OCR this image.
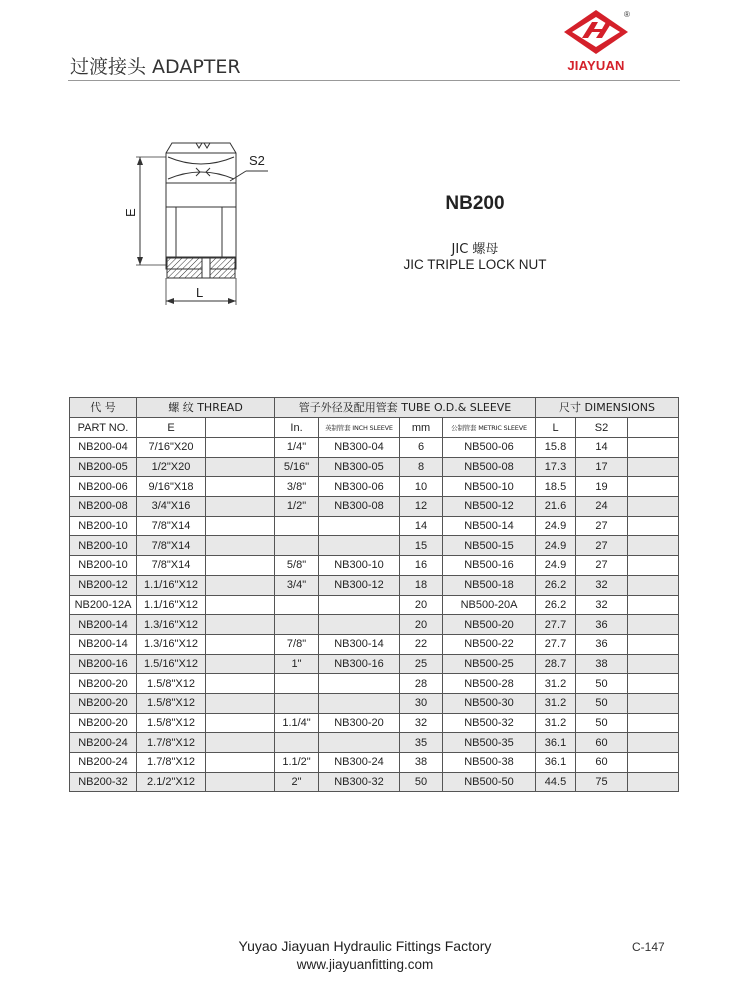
过渡接头 ADAPTER
®
JIAYUAN
S2
E
L
NB200
JIC 螺母
JIC TRIPLE LOCK NUT
代 号	螺 纹 THREAD		管子外径及配用管套 TUBE O.D.& SLEEVE				尺寸 DIMENSIONS		
PART NO.	E		In.	英制管套 INCH SLEEVE	mm	公制管套 METRIC SLEEVE	L	S2	
NB200-04	7/16"X20		1/4"	NB300-04	6	NB500-06	15.8	14	
NB200-05	1/2"X20		5/16"	NB300-05	8	NB500-08	17.3	17	
NB200-06	9/16"X18		3/8"	NB300-06	10	NB500-10	18.5	19	
NB200-08	3/4"X16		1/2"	NB300-08	12	NB500-12	21.6	24	
NB200-10	7/8"X14				14	NB500-14	24.9	27	
NB200-10	7/8"X14				15	NB500-15	24.9	27	
NB200-10	7/8"X14		5/8"	NB300-10	16	NB500-16	24.9	27	
NB200-12	1.1/16"X12		3/4"	NB300-12	18	NB500-18	26.2	32	
NB200-12A	1.1/16"X12				20	NB500-20A	26.2	32	
NB200-14	1.3/16"X12				20	NB500-20	27.7	36	
NB200-14	1.3/16"X12		7/8"	NB300-14	22	NB500-22	27.7	36	
NB200-16	1.5/16"X12		1"	NB300-16	25	NB500-25	28.7	38	
NB200-20	1.5/8"X12				28	NB500-28	31.2	50	
NB200-20	1.5/8"X12				30	NB500-30	31.2	50	
NB200-20	1.5/8"X12		1.1/4"	NB300-20	32	NB500-32	31.2	50	
NB200-24	1.7/8"X12				35	NB500-35	36.1	60	
NB200-24	1.7/8"X12		1.1/2"	NB300-24	38	NB500-38	36.1	60	
NB200-32	2.1/2"X12		2"	NB300-32	50	NB500-50	44.5	75	
Yuyao Jiayuan Hydraulic Fittings Factory
www.jiayuanfitting.com
C-147
